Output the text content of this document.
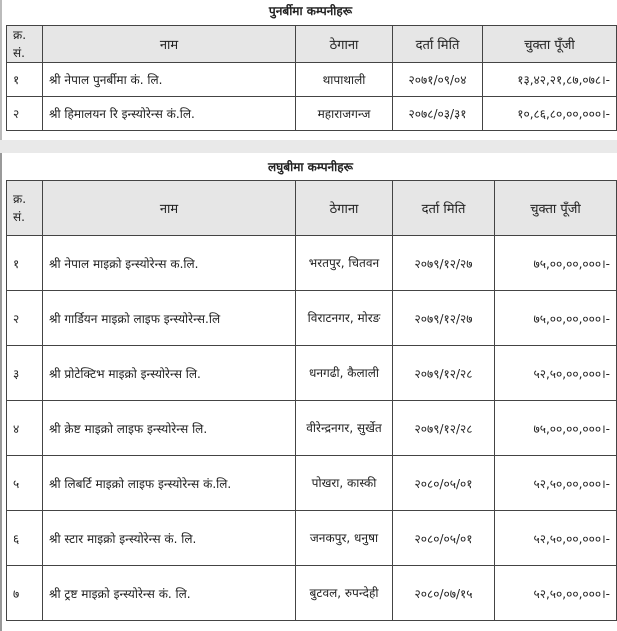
पुनर्बीमा कम्पनीहरू
क्र. सं.	नाम	ठेगाना	दर्ता मिति	चुक्ता पूँजी
१	श्री नेपाल पुनर्बीमा कं. लि.	थापाथाली	२०७१/०९/०४	१३,४२,२१,८७,०७८।-
२	श्री हिमालयन रि इन्स्योरेन्स कं.लि.	महाराजगन्ज	२०७८/०३/३१	१०,८६,८०,००,०००।-
लघुबीमा कम्पनीहरू
क्र. सं.	नाम	ठेगाना	दर्ता मिति	चुक्ता पूँजी
१	श्री नेपाल माइक्रो इन्स्योरेन्स क.लि.	भरतपुर, चितवन	२०७९/१२/२७	७५,००,००,०००।-
२	श्री गार्डियन माइक्रो लाइफ इन्स्योरेन्स.लि	विराटनगर, मोरङ	२०७९/१२/२७	७५,००,००,०००।-
३	श्री प्रोटेक्टिभ माइक्रो इन्स्योरेन्स लि.	धनगढी, कैलाली	२०७९/१२/२८	५२,५०,००,०००।-
४	श्री क्रेष्ट माइक्रो लाइफ इन्स्योरेन्स लि.	वीरेन्द्रनगर, सुर्खेत	२०७९/१२/२८	७५,००,००,०००।-
५	श्री लिबर्टि माइक्रो लाइफ इन्स्योरेन्स कं.लि.	पोखरा, कास्की	२०८०/०५/०१	५२,५०,००,०००।-
६	श्री स्टार माइक्रो इन्स्योरेन्स कं. लि.	जनकपुर, धनुषा	२०८०/०५/०१	५२,५०,००,०००।-
७	श्री ट्रष्ट माइक्रो इन्स्योरेन्स कं. लि.	बुटवल, रुपन्देही	२०८०/०७/१५	५२,५०,००,०००।-
